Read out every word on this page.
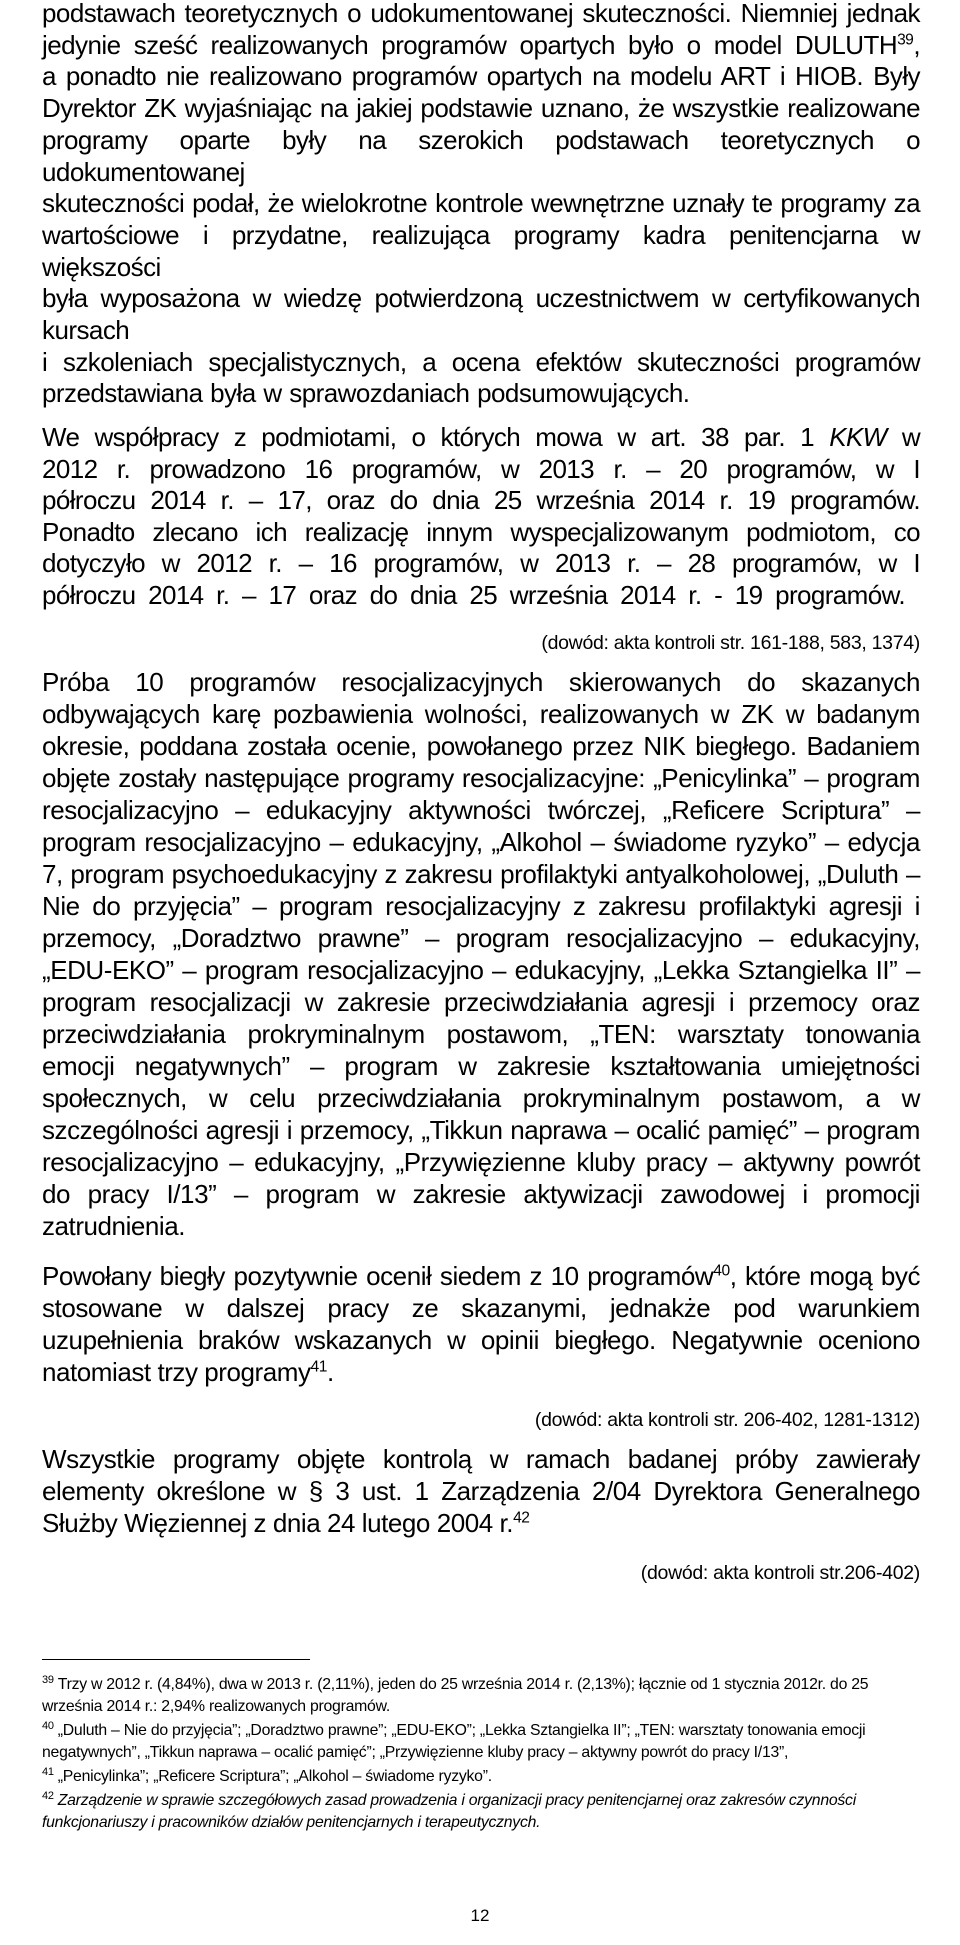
podstawach teoretycznych o udokumentowanej skuteczności. Niemniej jednak

jedynie sześć realizowanych programów opartych było o model DULUTH$^{39}$,

a ponadto nie realizowano programów opartych na modelu ART i HIOB. Były

Dyrektor ZK wyjaśniając na jakiej podstawie uznano, że wszystkie realizowane

programy oparte były na szerokich podstawach teoretycznych o udokumentowanej

skuteczności podał, że wielokrotne kontrole wewnętrzne uznały te programy za

wartościowe i przydatne, realizująca programy kadra penitencjarna w większości

była wyposażona w wiedzę potwierdzoną uczestnictwem w certyfikowanych kursach

i szkoleniach specjalistycznych, a ocena efektów skuteczności programów

przedstawiana była w sprawozdaniach podsumowujących.

We współpracy z podmiotami, o których mowa w art. 38 par. 1 KKW w 2012 r. prowadzono 16 programów, w 2013 r. – 20 programów, w I półroczu 2014 r. – 17, oraz do dnia 25 września 2014 r. 19 programów. Ponadto zlecano ich realizację innym wyspecjalizowanym podmiotom, co dotyczyło w 2012 r. – 16 programów, w 2013 r. – 28 programów, w I półroczu 2014 r. – 17 oraz do dnia 25 września 2014 r. - 19 programów.

(dowód: akta kontroli str. 161-188, 583, 1374)

Próba 10 programów resocjalizacyjnych skierowanych do skazanych odbywających karę pozbawienia wolności, realizowanych w ZK w badanym okresie, poddana została ocenie, powołanego przez NIK biegłego. Badaniem objęte zostały następujące programy resocjalizacyjne: „Penicylinka” – program resocjalizacyjno – edukacyjny aktywności twórczej, „Reficere Scriptura” – program resocjalizacyjno – edukacyjny, „Alkohol – świadome ryzyko” – edycja 7, program psychoedukacyjny z zakresu profilaktyki antyalkoholowej, „Duluth – Nie do przyjęcia” – program resocjalizacyjny z zakresu profilaktyki agresji i przemocy, „Doradztwo prawne” – program resocjalizacyjno – edukacyjny, „EDU-EKO” – program resocjalizacyjno – edukacyjny, „Lekka Sztangielka II” – program resocjalizacji w zakresie przeciwdziałania agresji i przemocy oraz przeciwdziałania prokryminalnym postawom, „TEN: warsztaty tonowania emocji negatywnych” – program w zakresie kształtowania umiejętności społecznych, w celu przeciwdziałania prokryminalnym postawom, a w szczególności agresji i przemocy, „Tikkun naprawa – ocalić pamięć” – program resocjalizacyjno – edukacyjny, „Przywięzienne kluby pracy – aktywny powrót do pracy I/13” – program w zakresie aktywizacji zawodowej i promocji zatrudnienia.

Powołany biegły pozytywnie ocenił siedem z 10 programów$^{40}$, które mogą być stosowane w dalszej pracy ze skazanymi, jednakże pod warunkiem uzupełnienia braków wskazanych w opinii biegłego. Negatywnie oceniono natomiast trzy programy$^{41}$.

(dowód: akta kontroli str. 206-402, 1281-1312)

Wszystkie programy objęte kontrolą w ramach badanej próby zawierały elementy określone w § 3 ust. 1 Zarządzenia 2/04 Dyrektora Generalnego Służby Więziennej z dnia 24 lutego 2004 r.$^{42}$

(dowód: akta kontroli str.206-402)

$^{39}$ Trzy w 2012 r. (4,84%), dwa w 2013 r. (2,11%), jeden do 25 września 2014 r. (2,13%); łącznie od 1 stycznia 2012r. do 25 września 2014 r.: 2,94% realizowanych programów.

$^{40}$ „Duluth – Nie do przyjęcia”; „Doradztwo prawne”; „EDU-EKO”; „Lekka Sztangielka II”; „TEN: warsztaty tonowania emocji negatywnych”, „Tikkun naprawa – ocalić pamięć”; „Przywięzienne kluby pracy – aktywny powrót do pracy I/13”,

$^{41}$ „Penicylinka”; „Reficere Scriptura”; „Alkohol – świadome ryzyko”.

$^{42}$ Zarządzenie w sprawie szczegółowych zasad prowadzenia i organizacji pracy penitencjarnej oraz zakresów czynności funkcjonariuszy i pracowników działów penitencjarnych i terapeutycznych.

12
